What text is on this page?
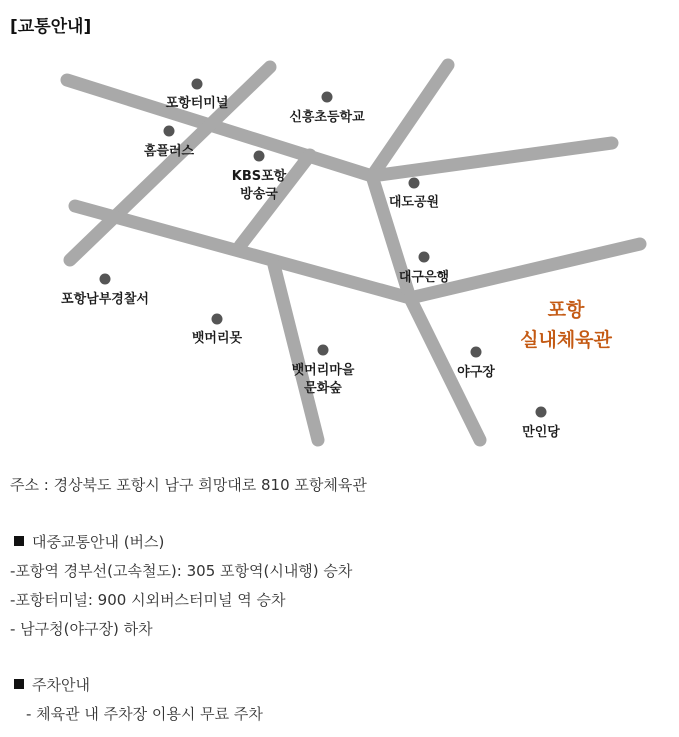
[교통안내]
포항터미널
신흥초등학교
홈플러스
KBS포항
방송국
대도공원
대구은행
포항남부경찰서
뱃머리못
뱃머리마을
문화숲
야구장
만인당
포항
실내체육관
주소 : 경상북도 포항시 남구 희망대로 810 포항체육관
대중교통안내 (버스)
-포항역 경부선(고속철도): 305 포항역(시내행) 승차
-포항터미널: 900 시외버스터미널 역 승차
- 남구청(야구장) 하차
주차안내
- 체육관 내 주차장 이용시 무료 주차
